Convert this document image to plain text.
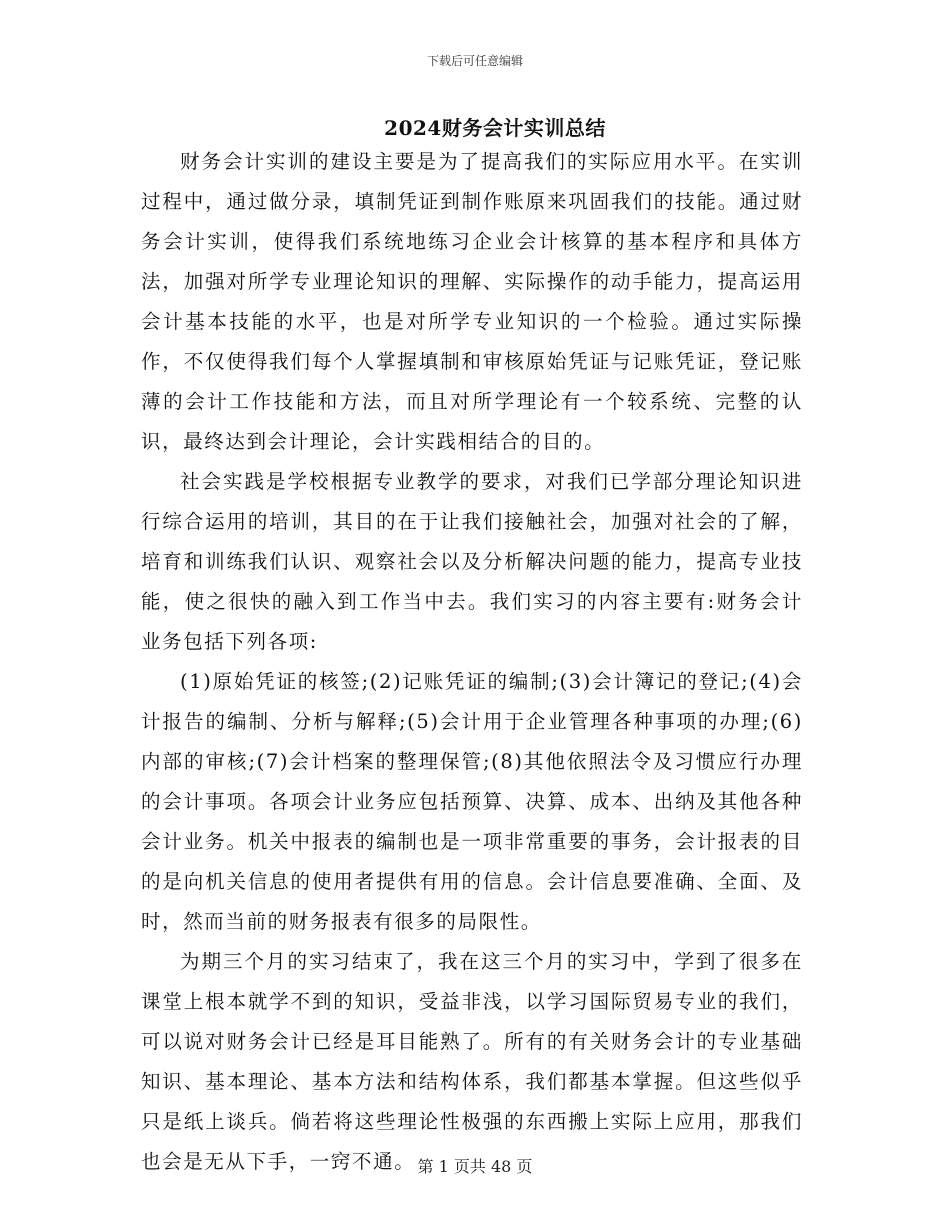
下载后可任意编辑
2024财务会计实训总结

财务会计实训的建设主要是为了提高我们的实际应用水平。在实训过程中，通过做分录，填制凭证到制作账原来巩固我们的技能。通过财务会计实训，使得我们系统地练习企业会计核算的基本程序和具体方法，加强对所学专业理论知识的理解、实际操作的动手能力，提高运用会计基本技能的水平，也是对所学专业知识的一个检验。通过实际操作，不仅使得我们每个人掌握填制和审核原始凭证与记账凭证，登记账薄的会计工作技能和方法，而且对所学理论有一个较系统、完整的认识，最终达到会计理论，会计实践相结合的目的。

社会实践是学校根据专业教学的要求，对我们已学部分理论知识进行综合运用的培训，其目的在于让我们接触社会，加强对社会的了解，培育和训练我们认识、观察社会以及分析解决问题的能力，提高专业技能，使之很快的融入到工作当中去。我们实习的内容主要有:财务会计业务包括下列各项:

(1)原始凭证的核签;(2)记账凭证的编制;(3)会计簿记的登记;(4)会计报告的编制、分析与解释;(5)会计用于企业管理各种事项的办理;(6)内部的审核;(7)会计档案的整理保管;(8)其他依照法令及习惯应行办理的会计事项。各项会计业务应包括预算、决算、成本、出纳及其他各种会计业务。机关中报表的编制也是一项非常重要的事务，会计报表的目的是向机关信息的使用者提供有用的信息。会计信息要准确、全面、及时，然而当前的财务报表有很多的局限性。

为期三个月的实习结束了，我在这三个月的实习中，学到了很多在课堂上根本就学不到的知识，受益非浅，以学习国际贸易专业的我们，可以说对财务会计已经是耳目能熟了。所有的有关财务会计的专业基础知识、基本理论、基本方法和结构体系，我们都基本掌握。但这些似乎只是纸上谈兵。倘若将这些理论性极强的东西搬上实际上应用，那我们也会是无从下手，一窍不通。 第 1 页共 48 页
